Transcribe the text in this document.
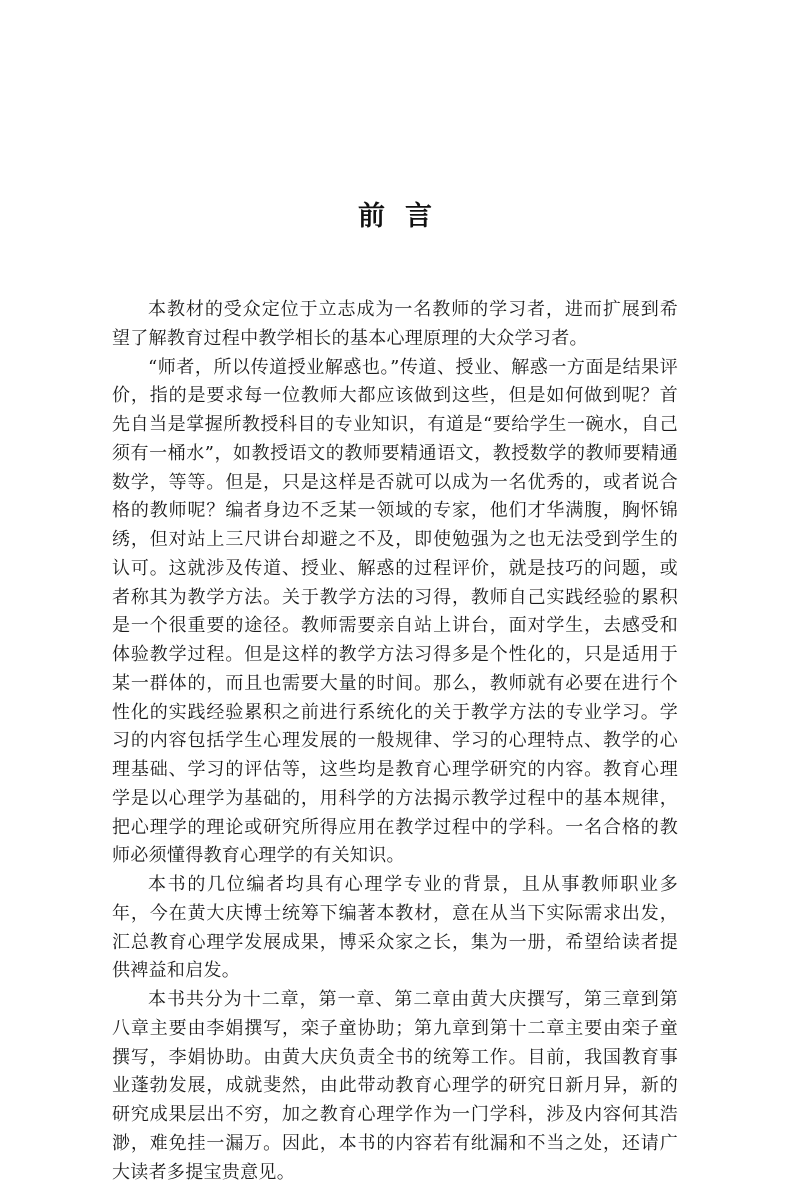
前言

本教材的受众定位于立志成为一名教师的学习者，进而扩展到希望了解教育过程中教学相长的基本心理原理的大众学习者。

“师者，所以传道授业解惑也。”传道、授业、解惑一方面是结果评价，指的是要求每一位教师大都应该做到这些，但是如何做到呢？首先自当是掌握所教授科目的专业知识，有道是“要给学生一碗水，自己须有一桶水”，如教授语文的教师要精通语文，教授数学的教师要精通数学，等等。但是，只是这样是否就可以成为一名优秀的，或者说合格的教师呢？编者身边不乏某一领域的专家，他们才华满腹，胸怀锦绣，但对站上三尺讲台却避之不及，即使勉强为之也无法受到学生的认可。这就涉及传道、授业、解惑的过程评价，就是技巧的问题，或者称其为教学方法。关于教学方法的习得，教师自己实践经验的累积是一个很重要的途径。教师需要亲自站上讲台，面对学生，去感受和体验教学过程。但是这样的教学方法习得多是个性化的，只是适用于某一群体的，而且也需要大量的时间。那么，教师就有必要在进行个性化的实践经验累积之前进行系统化的关于教学方法的专业学习。学习的内容包括学生心理发展的一般规律、学习的心理特点、教学的心理基础、学习的评估等，这些均是教育心理学研究的内容。教育心理学是以心理学为基础的，用科学的方法揭示教学过程中的基本规律，把心理学的理论或研究所得应用在教学过程中的学科。一名合格的教师必须懂得教育心理学的有关知识。

本书的几位编者均具有心理学专业的背景，且从事教师职业多年，今在黄大庆博士统筹下编著本教材，意在从当下实际需求出发，汇总教育心理学发展成果，博采众家之长，集为一册，希望给读者提供裨益和启发。

本书共分为十二章，第一章、第二章由黄大庆撰写，第三章到第八章主要由李娟撰写，栾子童协助；第九章到第十二章主要由栾子童撰写，李娟协助。由黄大庆负责全书的统筹工作。目前，我国教育事业蓬勃发展，成就斐然，由此带动教育心理学的研究日新月异，新的研究成果层出不穷，加之教育心理学作为一门学科，涉及内容何其浩渺，难免挂一漏万。因此，本书的内容若有纰漏和不当之处，还请广大读者多提宝贵意见。
